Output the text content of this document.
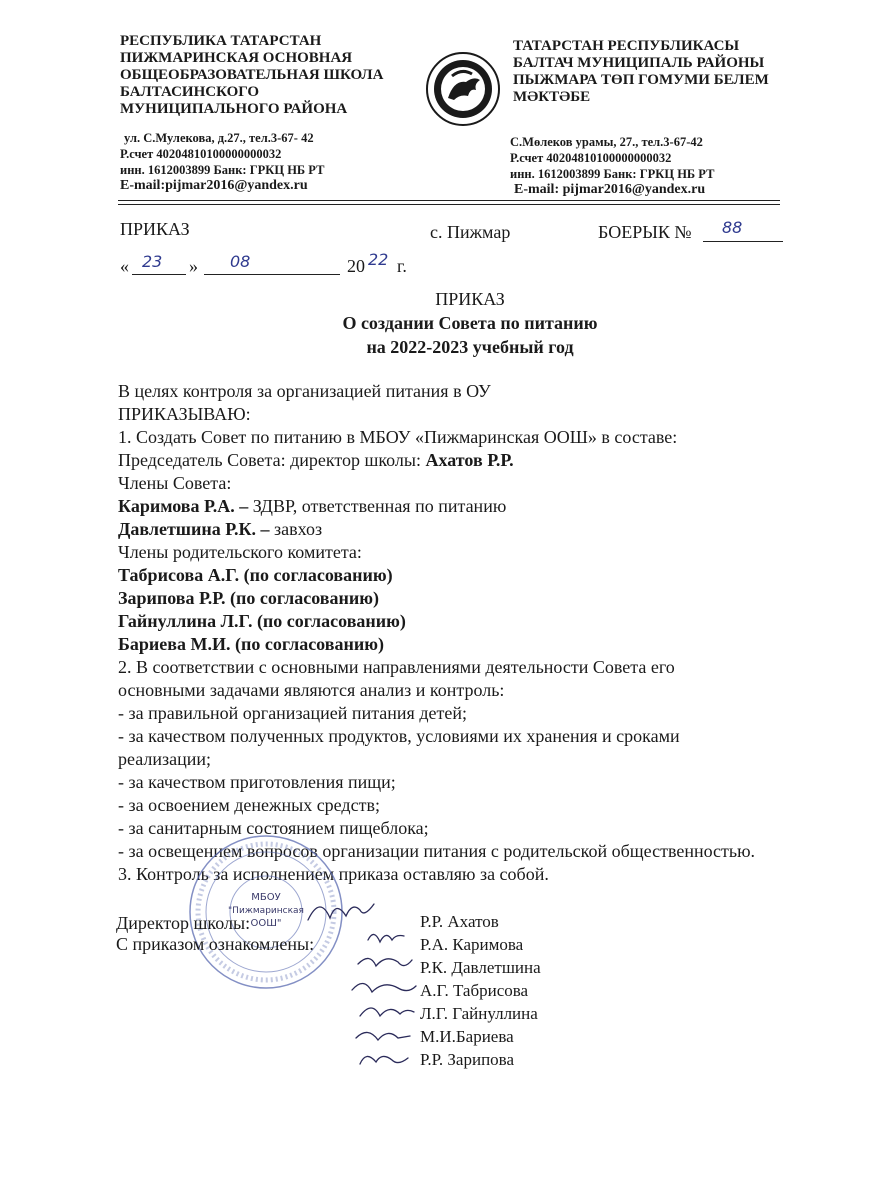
РЕСПУБЛИКА ТАТАРСТАН
ПИЖМАРИНСКАЯ ОСНОВНАЯ
ОБЩЕОБРАЗОВАТЕЛЬНАЯ ШКОЛА
БАЛТАСИНСКОГО
МУНИЦИПАЛЬНОГО РАЙОНА
ул. С.Мулекова, д.27., тел.3-67- 42
Р.счет 40204810100000000032
инн. 1612003899 Банк: ГРКЦ НБ РТ
E-mail:pijmar2016@yandex.ru
ТАТАРСТАН РЕСПУБЛИКАСЫ
БАЛТАЧ МУНИЦИПАЛЬ РАЙОНЫ
ПЫЖМАРА ТӨП ГОМУМИ БЕЛЕМ
МӘКТӘБЕ
С.Мөлеков урамы, 27., тел.3-67-42
Р.счет 40204810100000000032
инн. 1612003899 Банк: ГРКЦ НБ РТ
E-mail: pijmar2016@yandex.ru
ПРИКАЗ	с. Пижмар	БОЕРЫК № 88
« 23 » 08	20 22 г.
ПРИКАЗ
О создании Совета по питанию
на 2022-2023 учебный год
В целях контроля за организацией питания в ОУ
ПРИКАЗЫВАЮ:
1. Создать Совет по питанию в МБОУ «Пижмаринская ООШ» в составе:
Председатель Совета: директор школы: Ахатов Р.Р.
Члены Совета:
Каримова Р.А. – ЗДВР, ответственная по питанию
Давлетшина Р.К. – завхоз
Члены родительского комитета:
Табрисова А.Г. (по согласованию)
Зарипова Р.Р. (по согласованию)
Гайнуллина Л.Г. (по согласованию)
Бариева М.И. (по согласованию)
2. В соответствии с основными направлениями деятельности Совета его
основными задачами являются анализ и контроль:
- за правильной организацией питания детей;
- за качеством полученных продуктов, условиями их хранения и сроками
реализации;
- за качеством приготовления пищи;
- за освоением денежных средств;
- за санитарным состоянием пищеблока;
- за освещением вопросов организации питания с родительской общественностью.
3. Контроль за исполнением приказа оставляю за собой.
МБОУ
"Пижмаринская
ООШ"
Директор школы:
С приказом ознакомлены:
Р.Р. Ахатов
Р.А. Каримова
Р.К. Давлетшина
А.Г. Табрисова
Л.Г. Гайнуллина
М.И.Бариева
Р.Р. Зарипова
